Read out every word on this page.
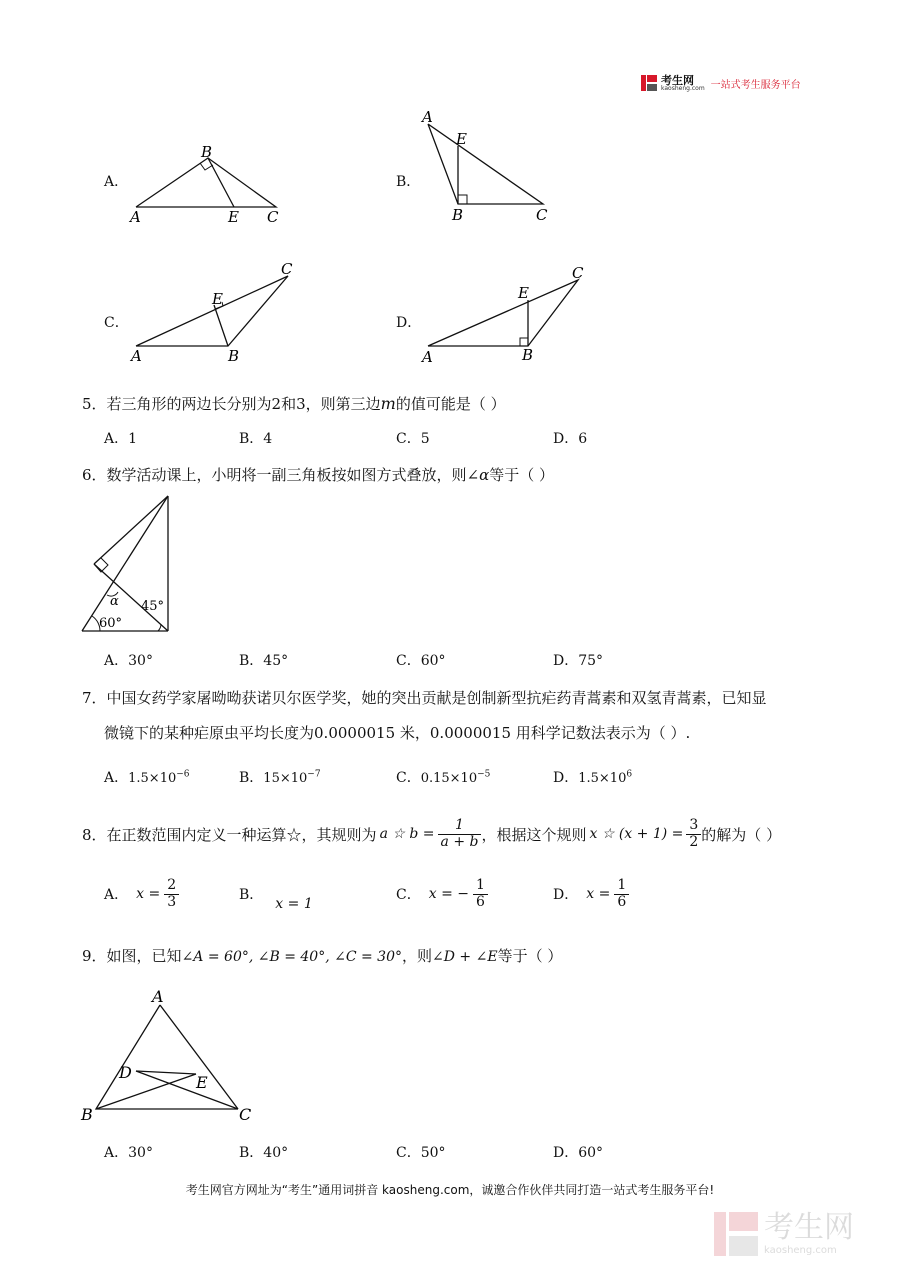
考生网
kaosheng.com 一站式考生服务平台
A．
A
B
C
E
B．
A
B	C
E
C．
A	B
C
E
D．
A	B
C
E
5．若三角形的两边长分别为2和3，则第三边m的值可能是（ ）
A．1	B．4	C．5	D．6
6．数学活动课上，小明将一副三角板按如图方式叠放，则∠α等于（ ）
α 45°
60°
A．30°	B．45°	C．60°	D．75°
7．中国女药学家屠呦呦获诺贝尔医学奖，她的突出贡献是创制新型抗疟药青蒿素和双氢青蒿素，已知显
微镜下的某种疟原虫平均长度为0.0000015 米，0.0000015 用科学记数法表示为（ ）.
A．$1.5\times 10^{-6}$	B．$15\times 10^{-7}$	C．$0.15\times 10^{-5}$	D．$1.5\times 10^6$
8． 在正数范围内定义一种运算☆，其规则为 a ☆ $b = \frac{1}{a + b}$ ，根据这个规则 x ☆ $(x + 1) = \frac{3}{2}$ 的解为（ ）
A． $x = \frac{2}{3}$	B．
x = 1
C． x = − $\frac{1}{6}$	D． $x = \frac{1}{6}$
9．如图，已知∠A = 60°, ∠B = 40°, ∠C = 30°，则∠D + ∠E等于（ ）
A
B	C
D
E
A．30°	B．40°	C．50°	D．60°
考生网官方网址为“考生”通用词拼音 kaosheng.com，诚邀合作伙伴共同打造一站式考生服务平台!
考生网
kaosheng.com
